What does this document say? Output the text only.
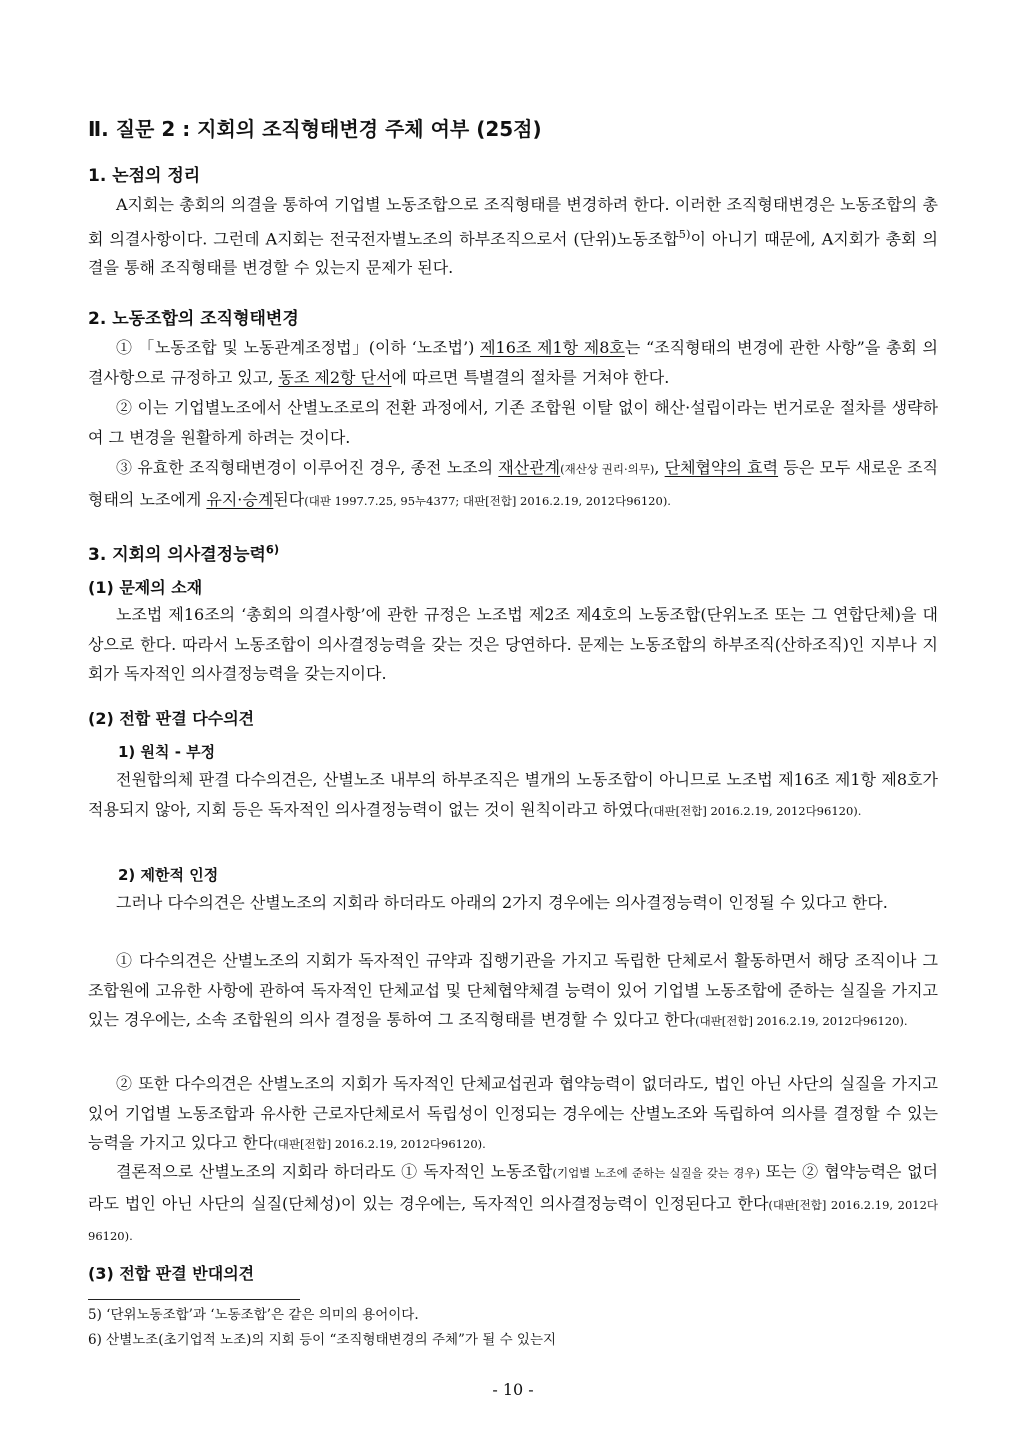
Ⅱ. 질문 2 : 지회의 조직형태변경 주체 여부 (25점)
1. 논점의 정리
A지회는 총회의 의결을 통하여 기업별 노동조합으로 조직형태를 변경하려 한다. 이러한 조직형태변경은 노동조합의 총회 의결사항이다. 그런데 A지회는 전국전자별노조의 하부조직으로서 (단위)노동조합$^{5)}$이 아니기 때문에, A지회가 총회 의결을 통해 조직형태를 변경할 수 있는지 문제가 된다.
2. 노동조합의 조직형태변경
① 「노동조합 및 노동관계조정법」(이하 ‘노조법’) 제16조 제1항 제8호는 “조직형태의 변경에 관한 사항”을 총회 의결사항으로 규정하고 있고, 동조 제2항 단서에 따르면 특별결의 절차를 거쳐야 한다.
② 이는 기업별노조에서 산별노조로의 전환 과정에서, 기존 조합원 이탈 없이 해산·설립이라는 번거로운 절차를 생략하여 그 변경을 원활하게 하려는 것이다.
③ 유효한 조직형태변경이 이루어진 경우, 종전 노조의 재산관계(재산상 권리·의무), 단체협약의 효력 등은 모두 새로운 조직형태의 노조에게 유지·승계된다(대판 1997.7.25, 95누4377; 대판[전합] 2016.2.19, 2012다96120).
3. 지회의 의사결정능력$^{6)}$
(1) 문제의 소재
노조법 제16조의 ‘총회의 의결사항’에 관한 규정은 노조법 제2조 제4호의 노동조합(단위노조 또는 그 연합단체)을 대상으로 한다. 따라서 노동조합이 의사결정능력을 갖는 것은 당연하다. 문제는 노동조합의 하부조직(산하조직)인 지부나 지회가 독자적인 의사결정능력을 갖는지이다.
(2) 전합 판결 다수의견
1) 원칙 - 부정
전원합의체 판결 다수의견은, 산별노조 내부의 하부조직은 별개의 노동조합이 아니므로 노조법 제16조 제1항 제8호가 적용되지 않아, 지회 등은 독자적인 의사결정능력이 없는 것이 원칙이라고 하였다(대판[전합] 2016.2.19, 2012다96120).
2) 제한적 인정
그러나 다수의견은 산별노조의 지회라 하더라도 아래의 2가지 경우에는 의사결정능력이 인정될 수 있다고 한다.
① 다수의견은 산별노조의 지회가 독자적인 규약과 집행기관을 가지고 독립한 단체로서 활동하면서 해당 조직이나 그 조합원에 고유한 사항에 관하여 독자적인 단체교섭 및 단체협약체결 능력이 있어 기업별 노동조합에 준하는 실질을 가지고 있는 경우에는, 소속 조합원의 의사 결정을 통하여 그 조직형태를 변경할 수 있다고 한다(대판[전합] 2016.2.19, 2012다96120).
② 또한 다수의견은 산별노조의 지회가 독자적인 단체교섭권과 협약능력이 없더라도, 법인 아닌 사단의 실질을 가지고 있어 기업별 노동조합과 유사한 근로자단체로서 독립성이 인정되는 경우에는 산별노조와 독립하여 의사를 결정할 수 있는 능력을 가지고 있다고 한다(대판[전합] 2016.2.19, 2012다96120).
결론적으로 산별노조의 지회라 하더라도 ① 독자적인 노동조합(기업별 노조에 준하는 실질을 갖는 경우) 또는 ② 협약능력은 없더라도 법인 아닌 사단의 실질(단체성)이 있는 경우에는, 독자적인 의사결정능력이 인정된다고 한다(대판[전합] 2016.2.19, 2012다96120).
(3) 전합 판결 반대의견
5) ‘단위노동조합’과 ‘노동조합’은 같은 의미의 용어이다.
6) 산별노조(초기업적 노조)의 지회 등이 “조직형태변경의 주체”가 될 수 있는지
- 10 -
